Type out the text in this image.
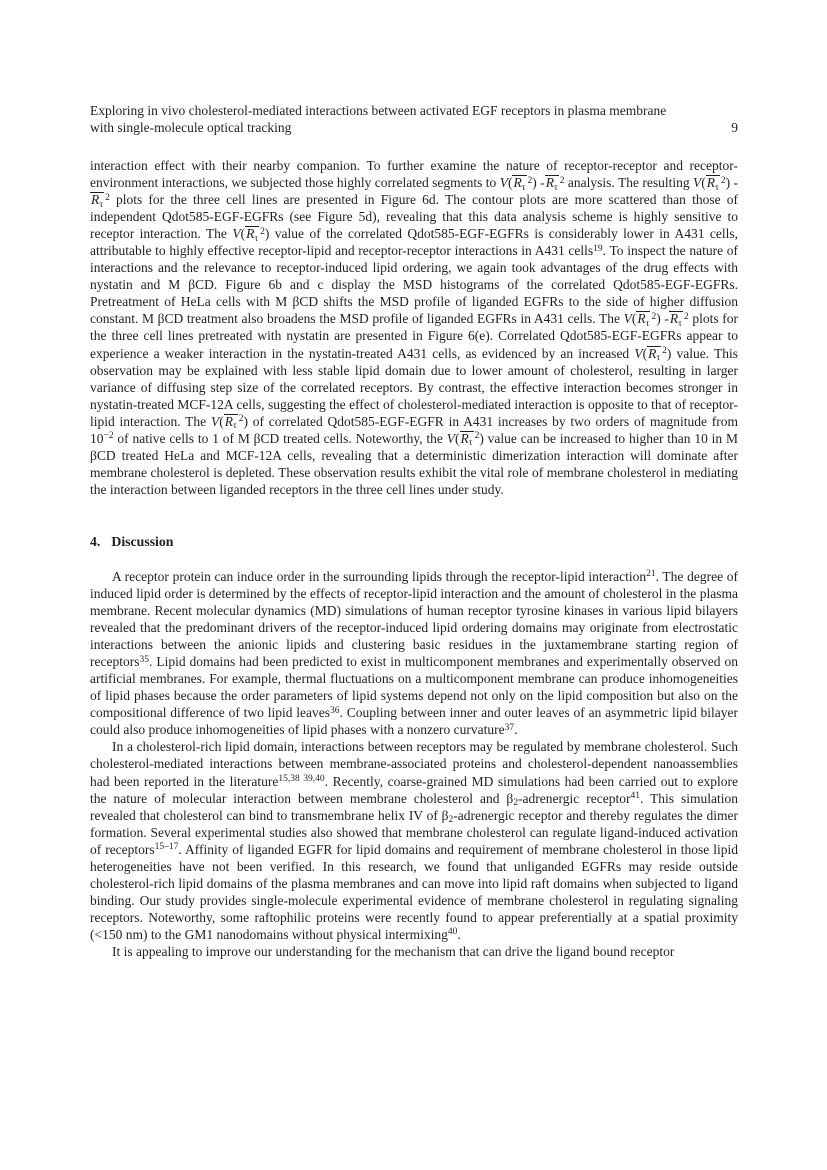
Exploring in vivo cholesterol-mediated interactions between activated EGF receptors in plasma membrane
with single-molecule optical tracking	9

interaction effect with their nearby companion. To further examine the nature of receptor-receptor and receptor-environment interactions, we subjected those highly correlated segments to $V(R_\tau^2)$ $-R_\tau^2$ analysis. The resulting $V(R_\tau^2) - R_\tau^2$ plots for the three cell lines are presented in Figure 6d. The contour plots are more scattered than those of independent Qdot585-EGF-EGFRs (see Figure 5d), revealing that this data analysis scheme is highly sensitive to receptor interaction. The $V(R_\tau^2)$ value of the correlated Qdot585-EGF-EGFRs is considerably lower in A431 cells, attributable to highly effective receptor-lipid and receptor-receptor interactions in A431 cells$^{19}$. To inspect the nature of interactions and the relevance to receptor-induced lipid ordering, we again took advantages of the drug effects with nystatin and M βCD. Figure 6b and c display the MSD histograms of the correlated Qdot585-EGF-EGFRs. Pretreatment of HeLa cells with M βCD shifts the MSD profile of liganded EGFRs to the side of higher diffusion constant. M βCD treatment also broadens the MSD profile of liganded EGFRs in A431 cells. The $V(R_\tau^2)$ $-R_\tau^2$ plots for the three cell lines pretreated with nystatin are presented in Figure 6(e). Correlated Qdot585-EGF-EGFRs appear to experience a weaker interaction in the nystatin-treated A431 cells, as evidenced by an increased $V(R_\tau^2)$ value. This observation may be explained with less stable lipid domain due to lower amount of cholesterol, resulting in larger variance of diffusing step size of the correlated receptors. By contrast, the effective interaction becomes stronger in nystatin-treated MCF-12A cells, suggesting the effect of cholesterol-mediated interaction is opposite to that of receptor-lipid interaction. The $V(R_\tau^2)$ of correlated Qdot585-EGF-EGFR in A431 increases by two orders of magnitude from $10^{-2}$ of native cells to 1 of M βCD treated cells. Noteworthy, the $V(R_\tau^2)$ value can be increased to higher than 10 in M βCD treated HeLa and MCF-12A cells, revealing that a deterministic dimerization interaction will dominate after membrane cholesterol is depleted. These observation results exhibit the vital role of membrane cholesterol in mediating the interaction between liganded receptors in the three cell lines under study.

4. Discussion

A receptor protein can induce order in the surrounding lipids through the receptor-lipid interaction$^{21}$. The degree of induced lipid order is determined by the effects of receptor-lipid interaction and the amount of cholesterol in the plasma membrane. Recent molecular dynamics (MD) simulations of human receptor tyrosine kinases in various lipid bilayers revealed that the predominant drivers of the receptor-induced lipid ordering domains may originate from electrostatic interactions between the anionic lipids and clustering basic residues in the juxtamembrane starting region of receptors$^{35}$. Lipid domains had been predicted to exist in multicomponent membranes and experimentally observed on artificial membranes. For example, thermal fluctuations on a multicomponent membrane can produce inhomogeneities of lipid phases because the order parameters of lipid systems depend not only on the lipid composition but also on the compositional difference of two lipid leaves$^{36}$. Coupling between inner and outer leaves of an asymmetric lipid bilayer could also produce inhomogeneities of lipid phases with a nonzero curvature$^{37}$.

In a cholesterol-rich lipid domain, interactions between receptors may be regulated by membrane cholesterol. Such cholesterol-mediated interactions between membrane-associated proteins and cholesterol-dependent nanoassemblies had been reported in the literature$^{15,38 39,40}$. Recently, coarse-grained MD simulations had been carried out to explore the nature of molecular interaction between membrane cholesterol and $\beta_2$-adrenergic receptor$^{41}$. This simulation revealed that cholesterol can bind to transmembrane helix IV of $\beta_2$-adrenergic receptor and thereby regulates the dimer formation. Several experimental studies also showed that membrane cholesterol can regulate ligand-induced activation of receptors$^{15-17}$. Affinity of liganded EGFR for lipid domains and requirement of membrane cholesterol in those lipid heterogeneities have not been verified. In this research, we found that unliganded EGFRs may reside outside cholesterol-rich lipid domains of the plasma membranes and can move into lipid raft domains when subjected to ligand binding. Our study provides single-molecule experimental evidence of membrane cholesterol in regulating signaling receptors. Noteworthy, some raftophilic proteins were recently found to appear preferentially at a spatial proximity (<150 nm) to the GM1 nanodomains without physical intermixing$^{40}$.

It is appealing to improve our understanding for the mechanism that can drive the ligand bound receptor
